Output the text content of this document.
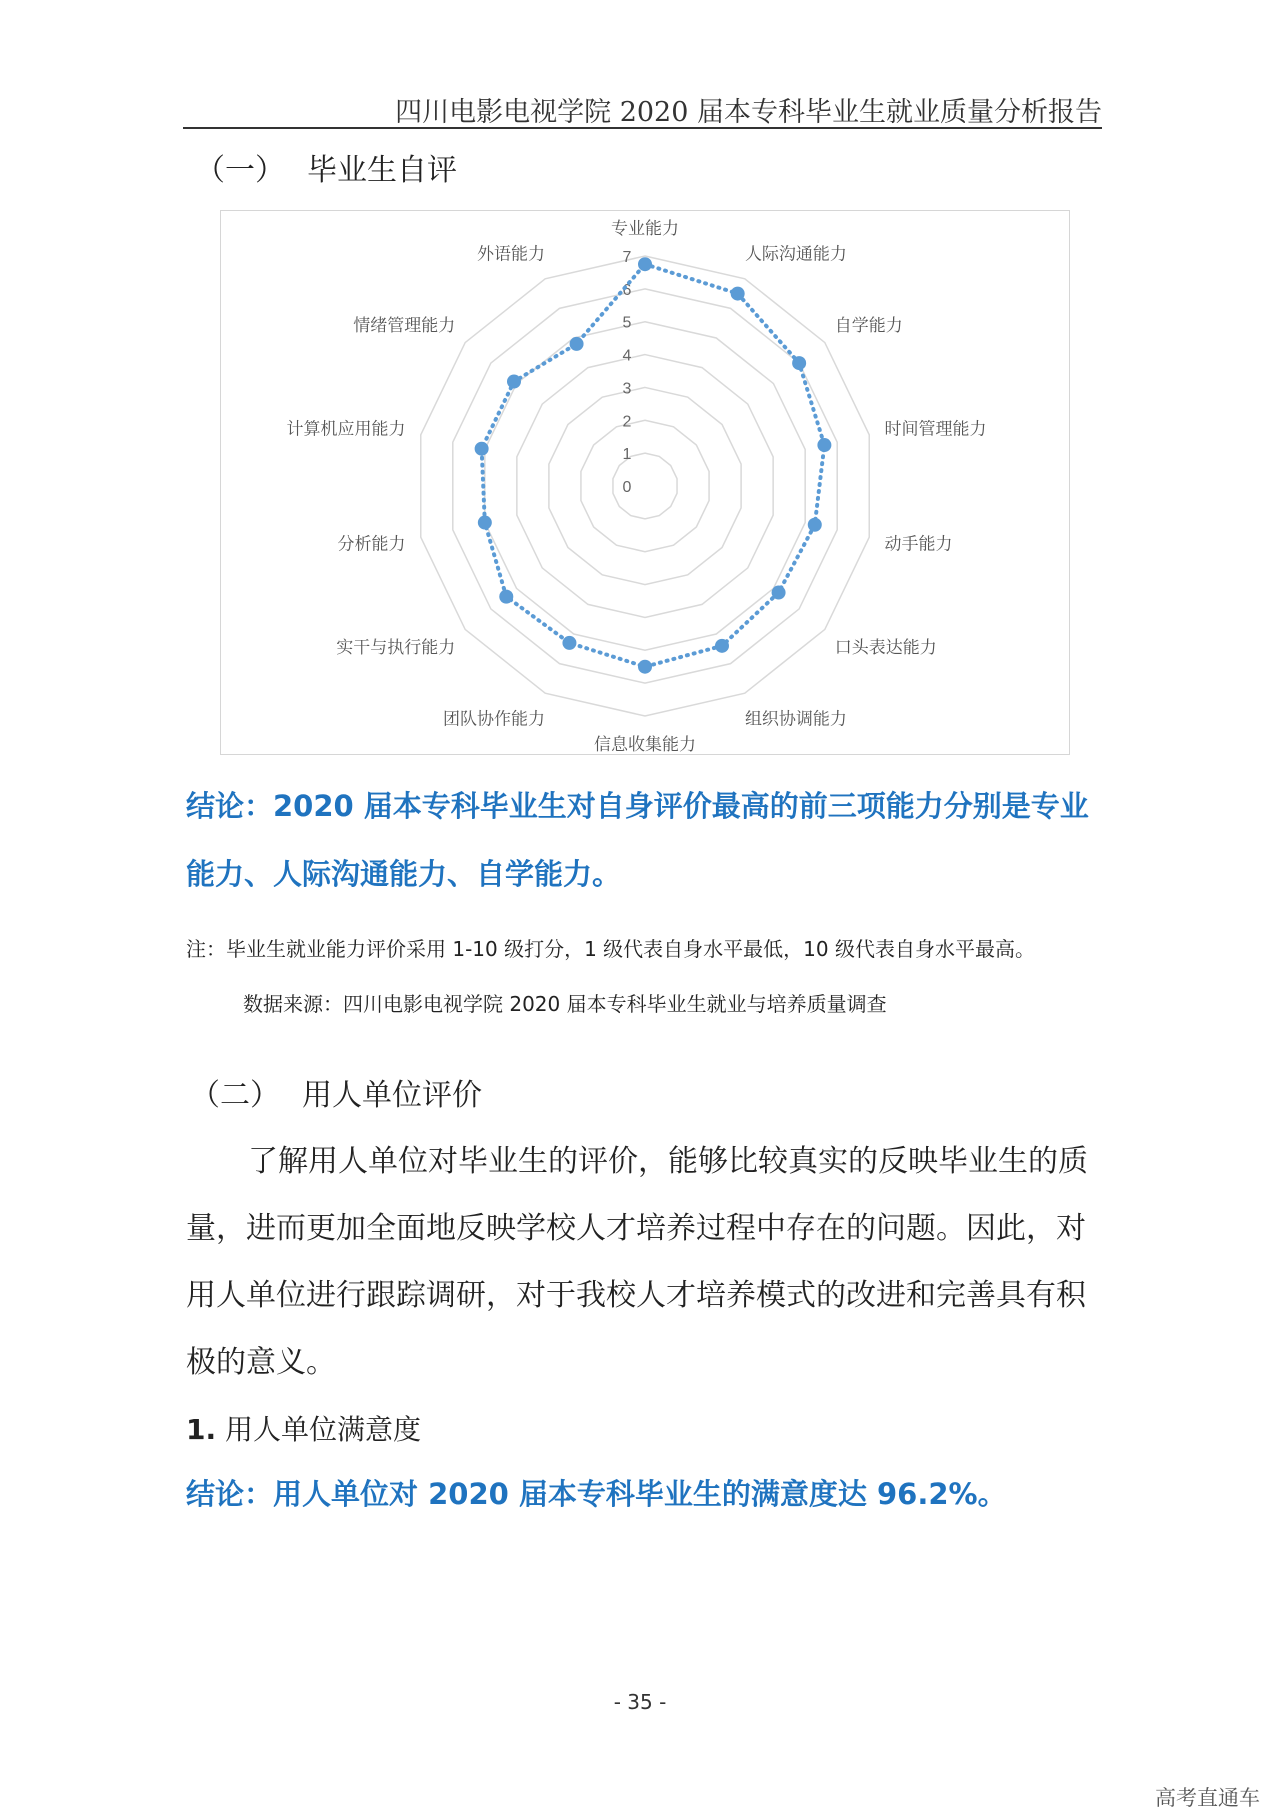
四川电影电视学院 2020 届本专科毕业生就业质量分析报告
（一） 毕业生自评
0
1
2
3
4
5
6
7
专业能力
人际沟通能力
自学能力
时间管理能力
动手能力
口头表达能力
组织协调能力
信息收集能力
团队协作能力
实干与执行能力
分析能力
计算机应用能力
情绪管理能力
外语能力
结论：2020 届本专科毕业生对自身评价最高的前三项能力分别是专业
能力、人际沟通能力、自学能力。
注：毕业生就业能力评价采用 1-10 级打分，1 级代表自身水平最低，10 级代表自身水平最高。
数据来源：四川电影电视学院 2020 届本专科毕业生就业与培养质量调查
（二） 用人单位评价
了解用人单位对毕业生的评价，能够比较真实的反映毕业生的质
量，进而更加全面地反映学校人才培养过程中存在的问题。因此，对
用人单位进行跟踪调研，对于我校人才培养模式的改进和完善具有积
极的意义。
1. 用人单位满意度
结论：用人单位对 2020 届本专科毕业生的满意度达 96.2%。
- 35 -
高考直通车
